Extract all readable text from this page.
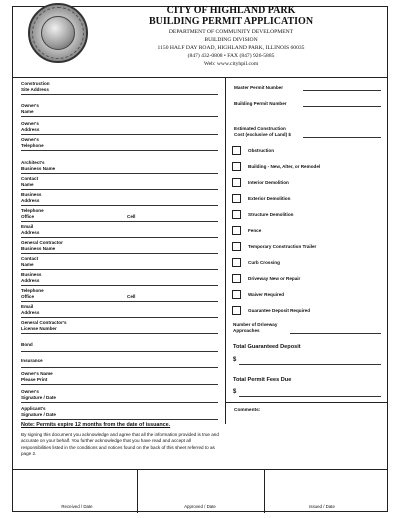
CITY OF HIGHLAND PARK
BUILDING PERMIT APPLICATION
DEPARTMENT OF COMMUNITY DEVELOPMENT
BUILDING DIVISION
1150 HALF DAY ROAD, HIGHLAND PARK, ILLINOIS 60035
(847) 432-0808 • FAX (847) 926-5885
Web: www.cityhpil.com
Construction
Site Address
Owner's
Name
Owner's
Address
Owner's
Telephone
Architect's
Business Name
Contact
Name
Business
Address
Telephone
Office	Cell
Email
Address
General Contractor
Business Name
Contact
Name
Business
Address
Telephone
Office	Cell
Email
Address
General Contractor's
License Number
Bond
Insurance
Owner's Name
Please Print
Owner's
Signature / Date
Applicant's
Signature / Date
Note: Permits expire 12 months from the date of issuance.
By signing this document you acknowledge and agree that all the information provided is true and accurate on your behalf. You further acknowledge that you have read and accept all responsibilities listed in the conditions and notices found on the back of this sheet referred to as page 2.
Master Permit Number
Building Permit Number
Estimated Construction
Cost (exclusive of Land) $
Obstruction
Building - New, Alter, or Remodel
Interior Demolition
Exterior Demolition
Structure Demolition
Fence
Temporary Construction Trailer
Curb Crossing
Driveway New or Repair
Waiver Required
Guarantee Deposit Required
Number of Driveway
Approaches
Total Guaranteed Deposit
$
Total Permit Fees Due
$
Comments:
Received / Date	Approved / Date	Issued / Date
